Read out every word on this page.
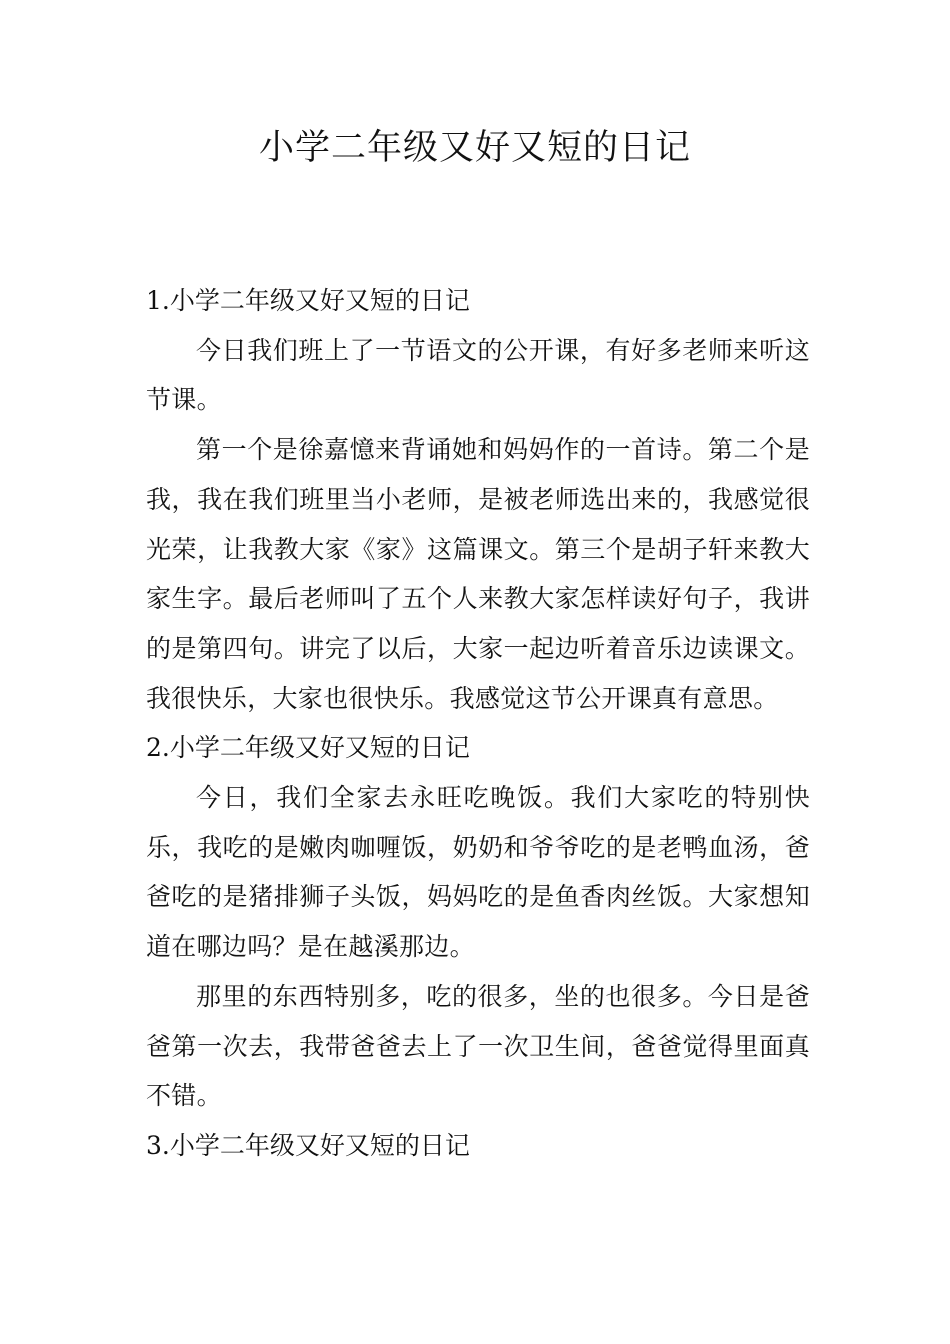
小学二年级又好又短的日记

1.小学二年级又好又短的日记

今日我们班上了一节语文的公开课，有好多老师来听这节课。

第一个是徐嘉憶来背诵她和妈妈作的一首诗。第二个是我，我在我们班里当小老师，是被老师选出来的，我感觉很光荣，让我教大家《家》这篇课文。第三个是胡子轩来教大家生字。最后老师叫了五个人来教大家怎样读好句子，我讲的是第四句。讲完了以后，大家一起边听着音乐边读课文。我很快乐，大家也很快乐。我感觉这节公开课真有意思。

2.小学二年级又好又短的日记

今日，我们全家去永旺吃晚饭。我们大家吃的特别快乐，我吃的是嫩肉咖喱饭，奶奶和爷爷吃的是老鸭血汤，爸爸吃的是猪排狮子头饭，妈妈吃的是鱼香肉丝饭。大家想知道在哪边吗？是在越溪那边。

那里的东西特别多，吃的很多，坐的也很多。今日是爸爸第一次去，我带爸爸去上了一次卫生间，爸爸觉得里面真不错。

3.小学二年级又好又短的日记
